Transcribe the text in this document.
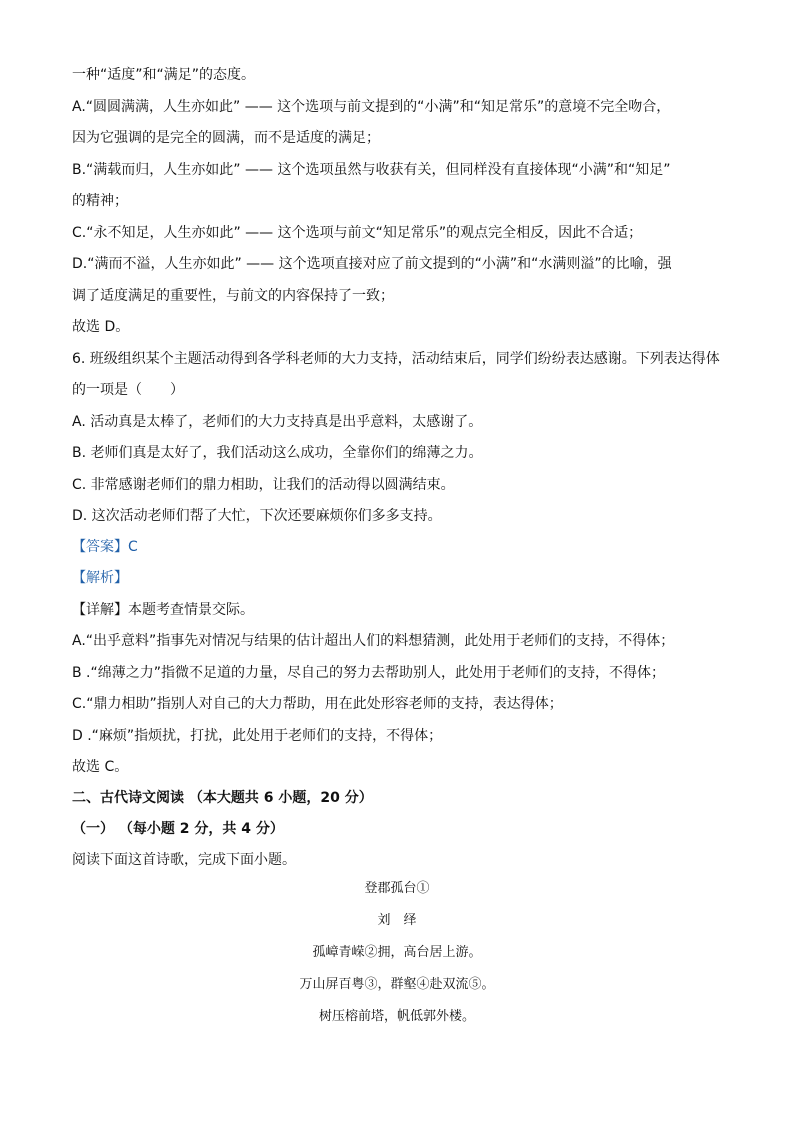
一种“适度”和“满足”的态度。
A.“圆圆满满，人生亦如此” —— 这个选项与前文提到的“小满”和“知足常乐”的意境不完全吻合，
因为它强调的是完全的圆满，而不是适度的满足；
B.“满载而归，人生亦如此” —— 这个选项虽然与收获有关，但同样没有直接体现“小满”和“知足”
的精神；
C.“永不知足，人生亦如此” —— 这个选项与前文“知足常乐”的观点完全相反，因此不合适；
D.“满而不溢，人生亦如此” —— 这个选项直接对应了前文提到的“小满”和“水满则溢”的比喻，强
调了适度满足的重要性，与前文的内容保持了一致；
故选 D。
6. 班级组织某个主题活动得到各学科老师的大力支持，活动结束后，同学们纷纷表达感谢。下列表达得体
的一项是（　　）
A. 活动真是太棒了，老师们的大力支持真是出乎意料，太感谢了。
B. 老师们真是太好了，我们活动这么成功，全靠你们的绵薄之力。
C. 非常感谢老师们的鼎力相助，让我们的活动得以圆满结束。
D. 这次活动老师们帮了大忙，下次还要麻烦你们多多支持。
【答案】C
【解析】
【详解】本题考查情景交际。
A.“出乎意料”指事先对情况与结果的估计超出人们的料想猜测，此处用于老师们的支持，不得体；
B .“绵薄之力”指微不足道的力量，尽自己的努力去帮助别人，此处用于老师们的支持，不得体；
C.“鼎力相助”指别人对自己的大力帮助，用在此处形容老师的支持，表达得体；
D .“麻烦”指烦扰，打扰，此处用于老师们的支持，不得体；
故选 C。
二、古代诗文阅读 （本大题共 6 小题，20 分）
（一） （每小题 2 分，共 4 分）
阅读下面这首诗歌，完成下面小题。
登郡孤台①
刘　绎
孤嶂青嵘②拥，高台居上游。
万山屏百粤③，群壑④赴双流⑤。
树压榕前塔，帆低郭外楼。
